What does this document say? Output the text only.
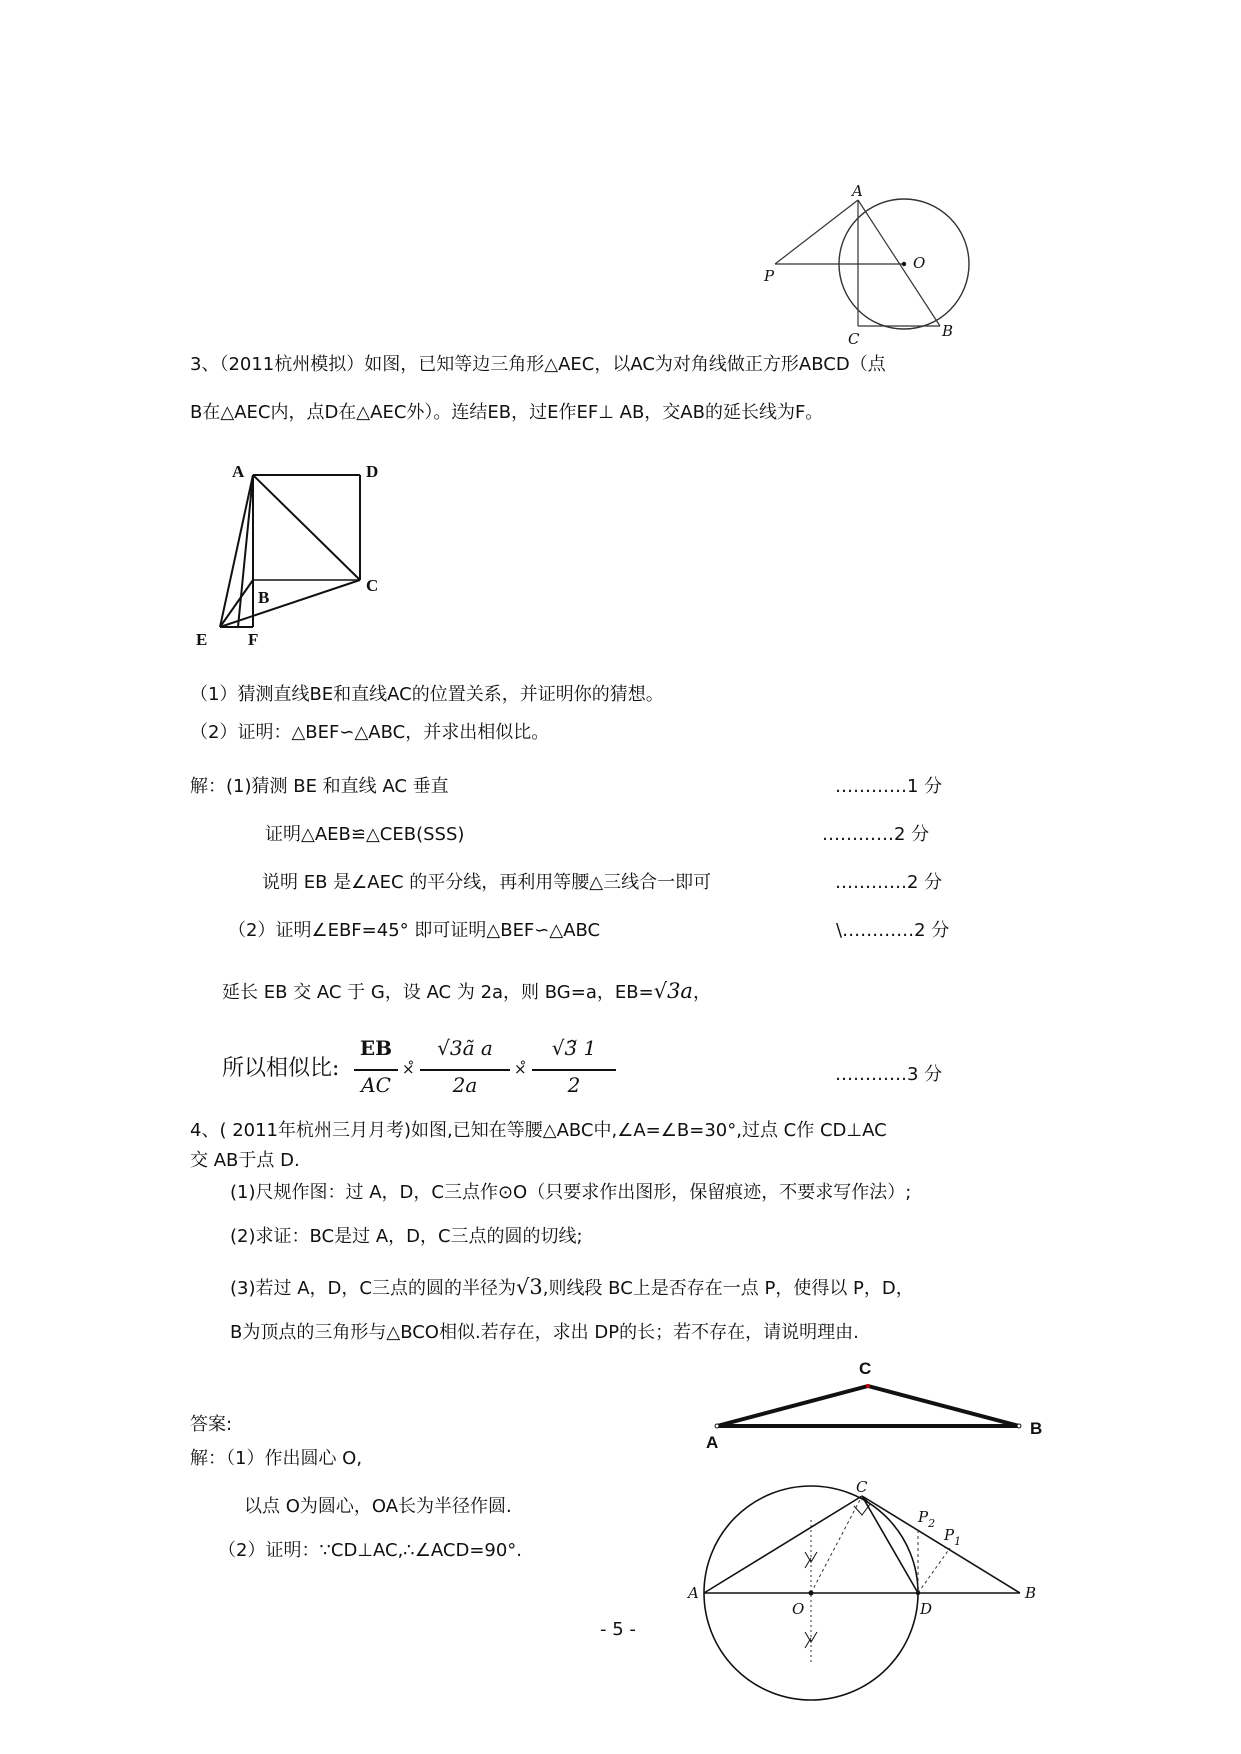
A
O
P
C	B
3、（2011杭州模拟）如图，已知等边三角形△AEC，以AC为对角线做正方形ABCD（点
B在△AEC内，点D在△AEC外）。连结EB，过E作EF⊥ AB，交AB的延长线为F。
A	D
B
C
E F
（1）猜测直线BE和直线AC的位置关系，并证明你的猜想。
（2）证明：△BEF∽△ABC，并求出相似比。
解：(1)猜测 BE 和直线 AC 垂直	…………1 分
证明△AEB≌△CEB(SSS)	…………2 分
说明 EB 是∠AEC 的平分线，再利用等腰△三线合一即可	…………2 分
（2）证明∠EBF=45° 即可证明△BEF∽△ABC	\…………2 分
延长 EB 交 AC 于 G，设 AC 为 2a，则 BG=a，EB=√3a，
所以相似比:
EB
AC
×̊
√3ã a
2a
×̊
√3̃ 1
2	…………3 分
4、( 2011年杭州三月月考)如图,已知在等腰△ABC中,∠A=∠B=30°,过点 C作 CD⊥AC
交 AB于点 D.
(1)尺规作图：过 A，D，C三点作⊙O（只要求作出图形，保留痕迹，不要求写作法）;
(2)求证：BC是过 A，D，C三点的圆的切线;
(3)若过 A，D，C三点的圆的半径为√3,则线段 BC上是否存在一点 P，使得以 P，D，
B为顶点的三角形与△BCO相似.若存在，求出 DP的长；若不存在，请说明理由.
C
A
B
答案:
解：（1）作出圆心 O,
以点 O为圆心，OA长为半径作圆.
（2）证明：∵CD⊥AC,∴∠ACD=90°.
C
$P_2$
$P_1$
A
O	D
B
- 5 -
